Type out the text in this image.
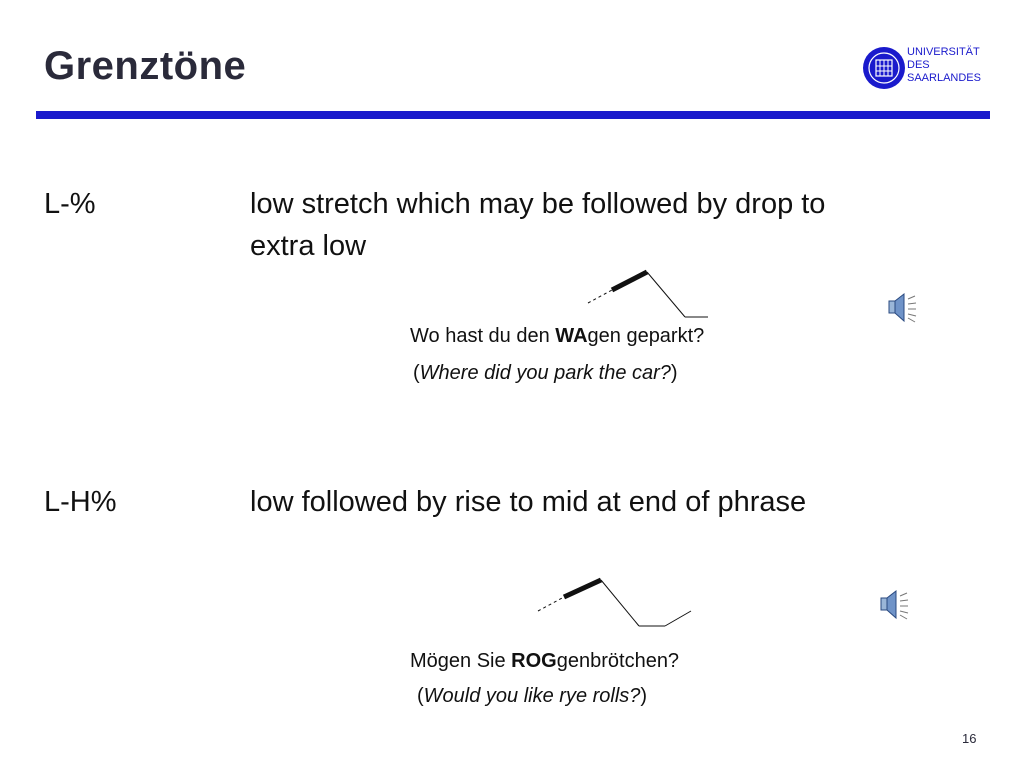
Grenztöne	UNIVERSITÄT
DES
SAARLANDES
L-%	low stretch which may be followed by drop to extra low
Wo hast du den WAgen geparkt?
(Where did you park the car?)
L-H%	low followed by rise to mid at end of phrase
Mögen Sie ROGgenbrötchen?
(Would you like rye rolls?)
16
